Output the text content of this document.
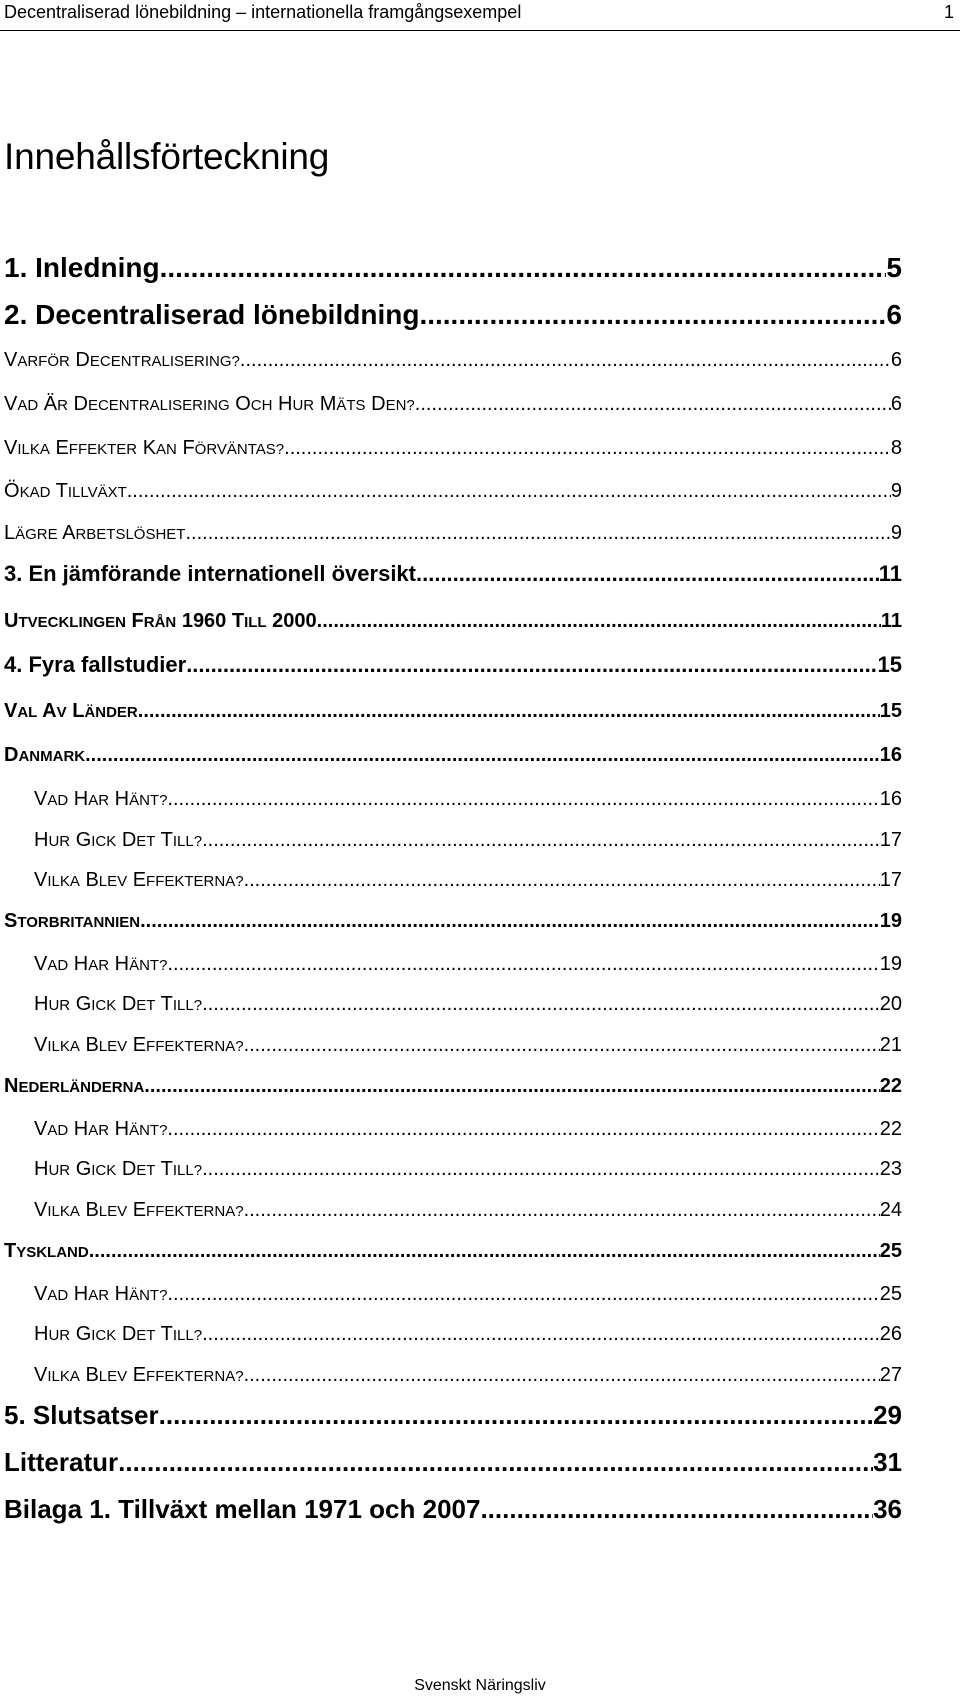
Decentraliserad lönebildning – internationella framgångsexempel	1
Innehållsförteckning
1. Inledning .....	5
2. Decentraliserad lönebildning .....	6
VARFÖR DECENTRALISERING? .....	6
VAD ÄR DECENTRALISERING OCH HUR MÄTS DEN? .....	6
VILKA EFFEKTER KAN FÖRVÄNTAS? .....	8
ÖKAD TILLVÄXT .....	9
LÄGRE ARBETSLÖSHET .....	9
3. En jämförande internationell översikt .....	11
UTVECKLINGEN FRÅN 1960 TILL 2000 .....	11
4. Fyra fallstudier .....	15
VAL AV LÄNDER .....	15
DANMARK .....	16
VAD HAR HÄNT? .....	16
HUR GICK DET TILL? .....	17
VILKA BLEV EFFEKTERNA? .....	17
STORBRITANNIEN .....	19
VAD HAR HÄNT? .....	19
HUR GICK DET TILL? .....	20
VILKA BLEV EFFEKTERNA? .....	21
NEDERLÄNDERNA .....	22
VAD HAR HÄNT? .....	22
HUR GICK DET TILL? .....	23
VILKA BLEV EFFEKTERNA? .....	24
TYSKLAND .....	25
VAD HAR HÄNT? .....	25
HUR GICK DET TILL? .....	26
VILKA BLEV EFFEKTERNA? .....	27
5. Slutsatser .....	29
Litteratur .....	31
Bilaga 1. Tillväxt mellan 1971 och 2007 .....	36
Svenskt Näringsliv
